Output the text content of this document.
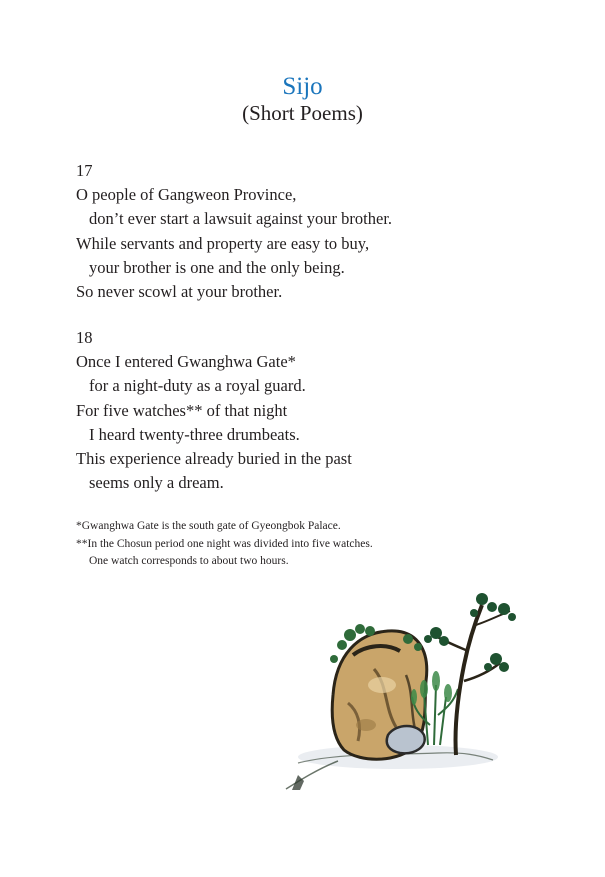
Sijo
(Short Poems)
17
O people of Gangweon Province,
don’t ever start a lawsuit against your brother.
While servants and property are easy to buy,
your brother is one and the only being.
So never scowl at your brother.
18
Once I entered Gwanghwa Gate*
for a night-duty as a royal guard.
For five watches** of that night
I heard twenty-three drumbeats.
This experience already buried in the past
seems only a dream.
*Gwanghwa Gate is the south gate of Gyeongbok Palace.
**In the Chosun period one night was divided into five watches.
One watch corresponds to about two hours.
